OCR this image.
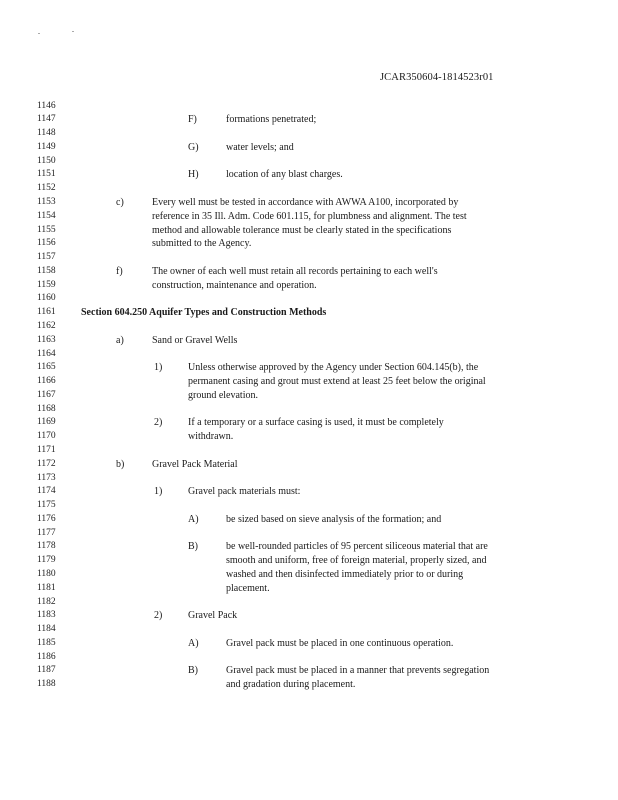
JCAR350604-1814523r01
1146
1147	F)	formations penetrated;
1148
1149	G)	water levels; and
1150
1151	H)	location of any blast charges.
1152
1153	c)	Every well must be tested in accordance with AWWA A100, incorporated by
1154	reference in 35 Ill. Adm. Code 601.115, for plumbness and alignment. The test
1155	method and allowable tolerance must be clearly stated in the specifications
1156	submitted to the Agency.
1157
1158	f)	The owner of each well must retain all records pertaining to each well's
1159	construction, maintenance and operation.
1160
1161	Section 604.250 Aquifer Types and Construction Methods
1162
1163	a)	Sand or Gravel Wells
1164
1165	1)	Unless otherwise approved by the Agency under Section 604.145(b), the
1166	permanent casing and grout must extend at least 25 feet below the original
1167	ground elevation.
1168
1169	2)	If a temporary or a surface casing is used, it must be completely
1170	withdrawn.
1171
1172	b)	Gravel Pack Material
1173
1174	1)	Gravel pack materials must:
1175
1176	A)	be sized based on sieve analysis of the formation; and
1177
1178	B)	be well-rounded particles of 95 percent siliceous material that are
1179	smooth and uniform, free of foreign material, properly sized, and
1180	washed and then disinfected immediately prior to or during
1181	placement.
1182
1183	2)	Gravel Pack
1184
1185	A)	Gravel pack must be placed in one continuous operation.
1186
1187	B)	Gravel pack must be placed in a manner that prevents segregation
1188	and gradation during placement.
